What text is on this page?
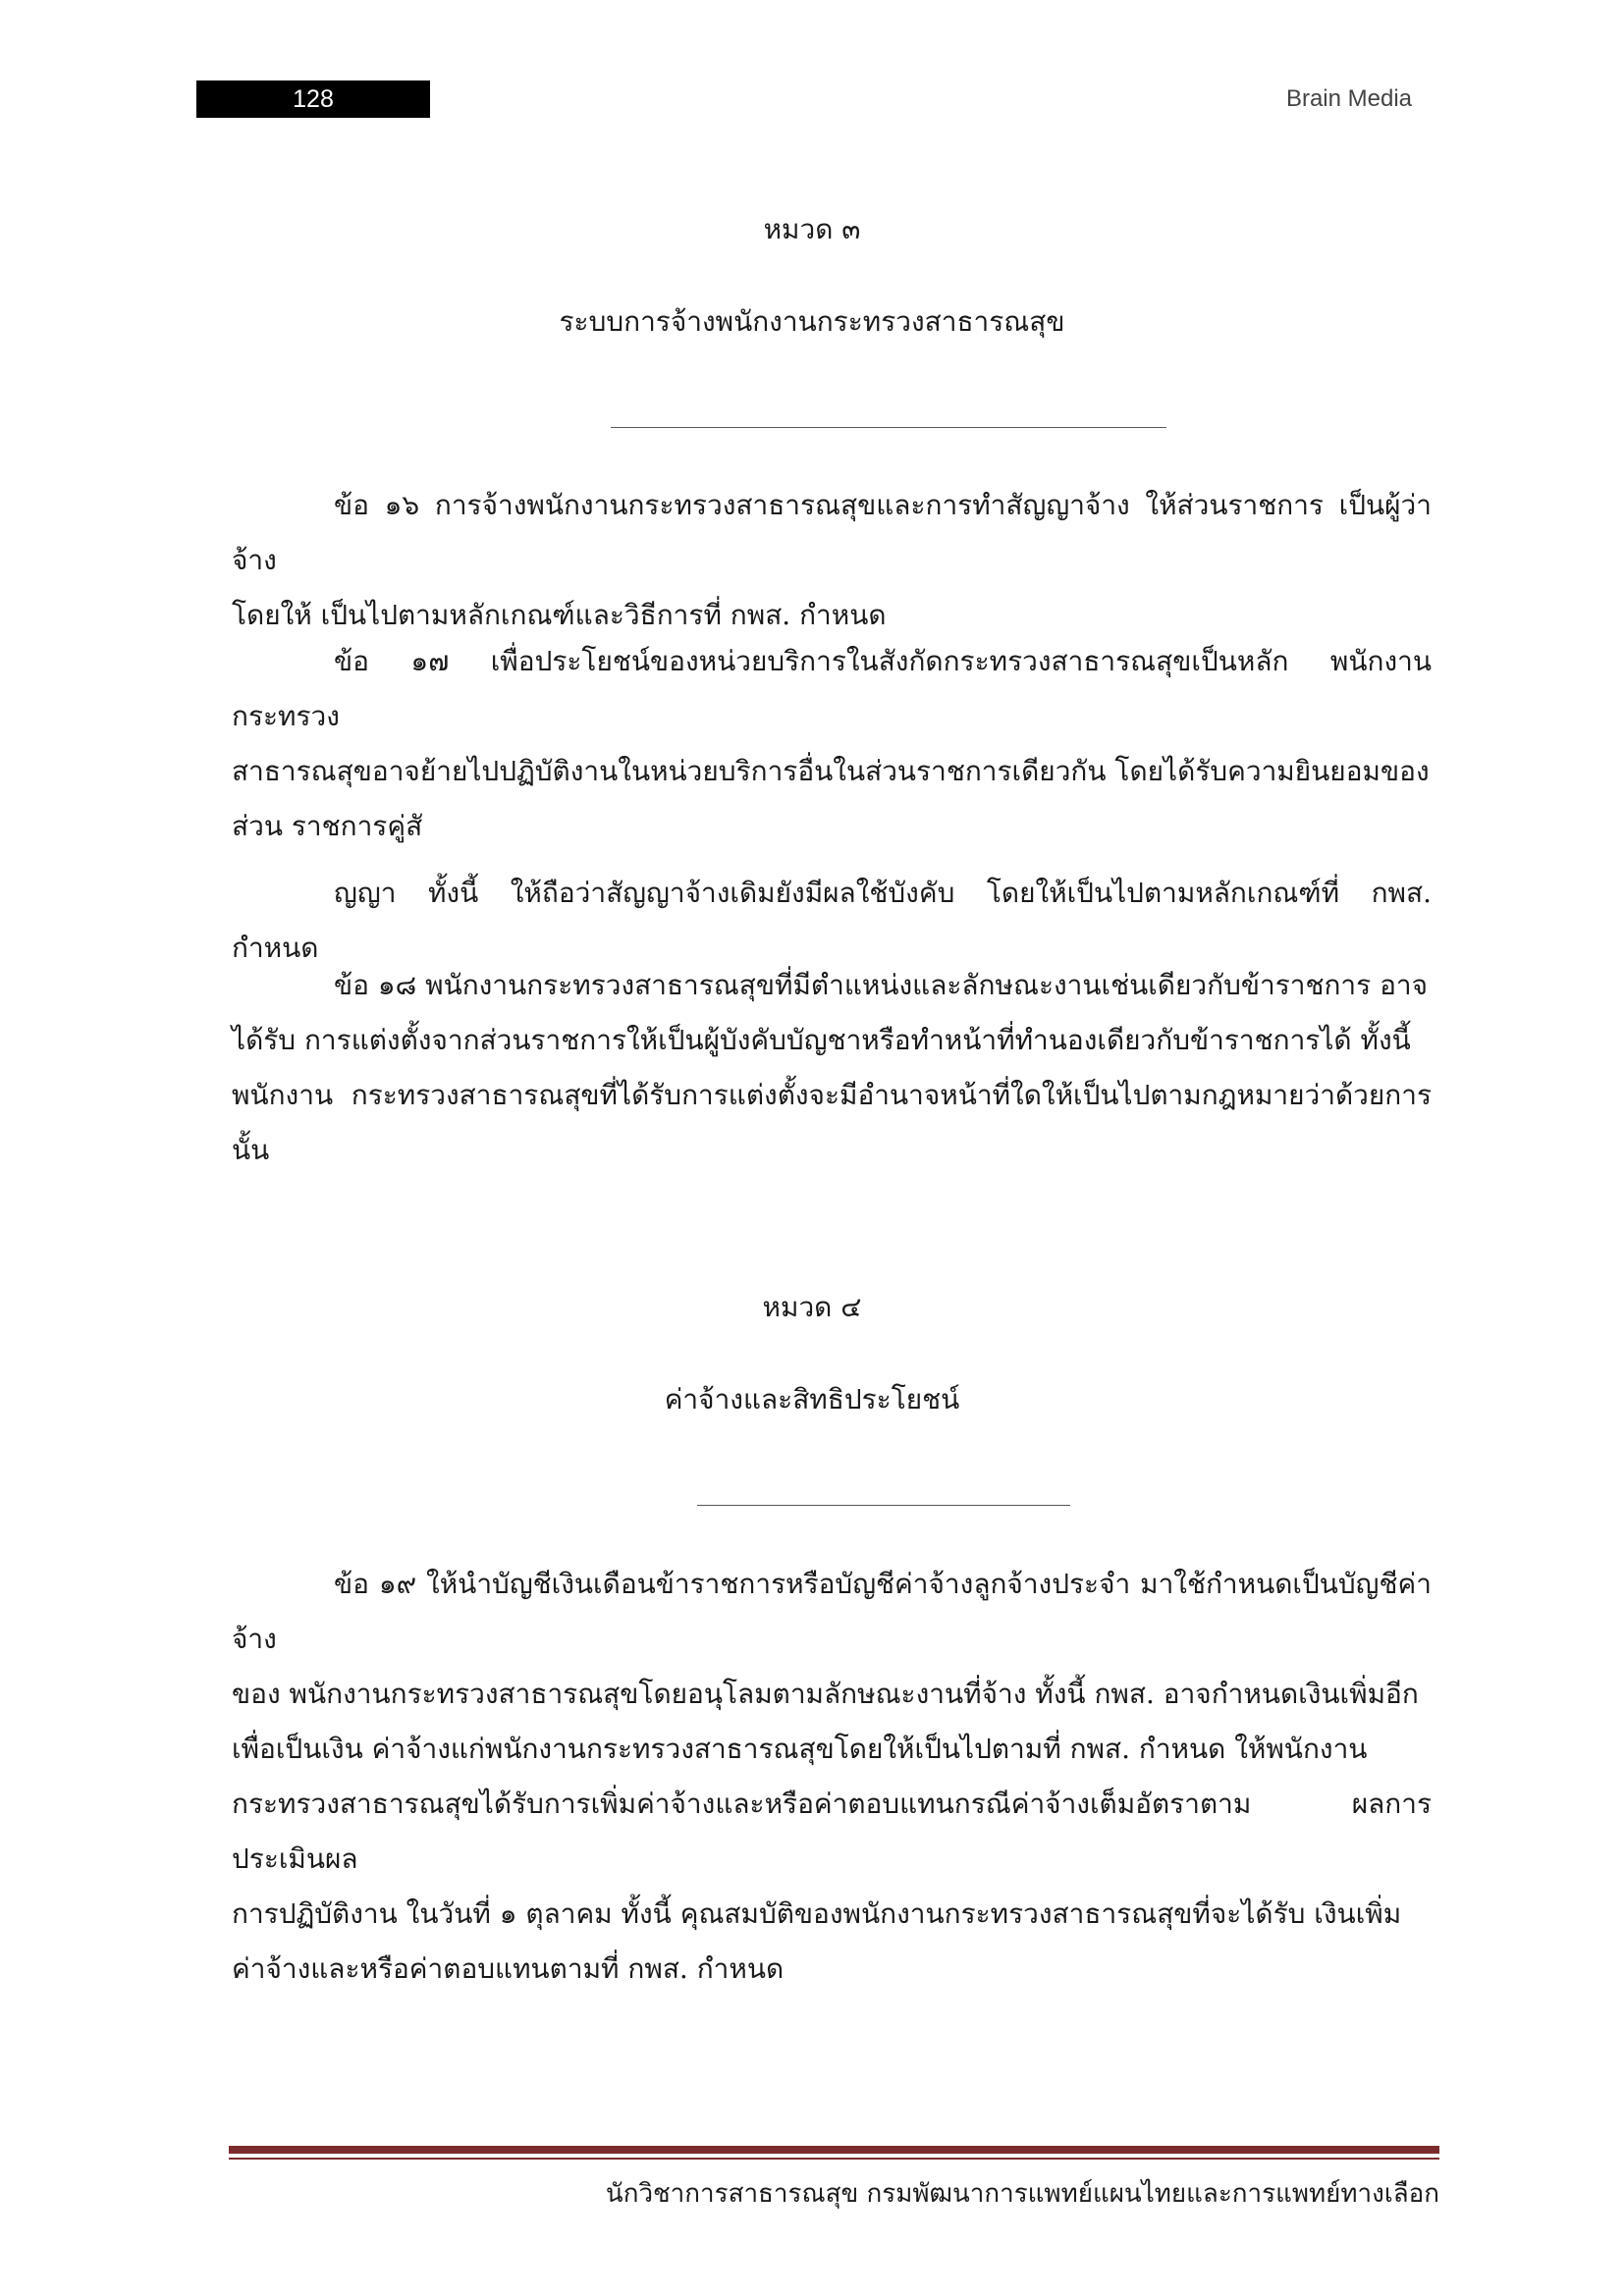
128	Brain Media
หมวด ๓
ระบบการจ้างพนักงานกระทรวงสาธารณสุข

ข้อ ๑๖ การจ้างพนักงานกระทรวงสาธารณสุขและการทำสัญญาจ้าง ให้ส่วนราชการ เป็นผู้ว่าจ้าง

โดยให้ เป็นไปตามหลักเกณฑ์และวิธีการที่ กพส. กำหนด

ข้อ ๑๗ เพื่อประโยชน์ของหน่วยบริการในสังกัดกระทรวงสาธารณสุขเป็นหลัก พนักงานกระทรวง

สาธารณสุขอาจย้ายไปปฏิบัติงานในหน่วยบริการอื่นในส่วนราชการเดียวกัน โดยได้รับความยินยอมของ

ส่วน ราชการคู่สั

ญญา ทั้งนี้ ให้ถือว่าสัญญาจ้างเดิมยังมีผลใช้บังคับ โดยให้เป็นไปตามหลักเกณฑ์ที่ กพส. กำหนด

ข้อ ๑๘ พนักงานกระทรวงสาธารณสุขที่มีตำแหน่งและลักษณะงานเช่นเดียวกับข้าราชการ อาจ

ได้รับ การแต่งตั้งจากส่วนราชการให้เป็นผู้บังคับบัญชาหรือทำหน้าที่ทำนองเดียวกับข้าราชการได้ ทั้งนี้

พนักงาน กระทรวงสาธารณสุขที่ได้รับการแต่งตั้งจะมีอำนาจหน้าที่ใดให้เป็นไปตามกฎหมายว่าด้วยการนั้น

หมวด ๔
ค่าจ้างและสิทธิประโยชน์

ข้อ ๑๙ ให้นำบัญชีเงินเดือนข้าราชการหรือบัญชีค่าจ้างลูกจ้างประจำ มาใช้กำหนดเป็นบัญชีค่าจ้าง

ของ พนักงานกระทรวงสาธารณสุขโดยอนุโลมตามลักษณะงานที่จ้าง ทั้งนี้ กพส. อาจกำหนดเงินเพิ่มอีก

เพื่อเป็นเงิน ค่าจ้างแก่พนักงานกระทรวงสาธารณสุขโดยให้เป็นไปตามที่ กพส. กำหนด ให้พนักงาน

กระทรวงสาธารณสุขได้รับการเพิ่มค่าจ้างและหรือค่าตอบแทนกรณีค่าจ้างเต็มอัตราตาม ผลการประเมินผล

การปฏิบัติงาน ในวันที่ ๑ ตุลาคม ทั้งนี้ คุณสมบัติของพนักงานกระทรวงสาธารณสุขที่จะได้รับ เงินเพิ่ม

ค่าจ้างและหรือค่าตอบแทนตามที่ กพส. กำหนด

นักวิชาการสาธารณสุข กรมพัฒนาการแพทย์แผนไทยและการแพทย์ทางเลือก
